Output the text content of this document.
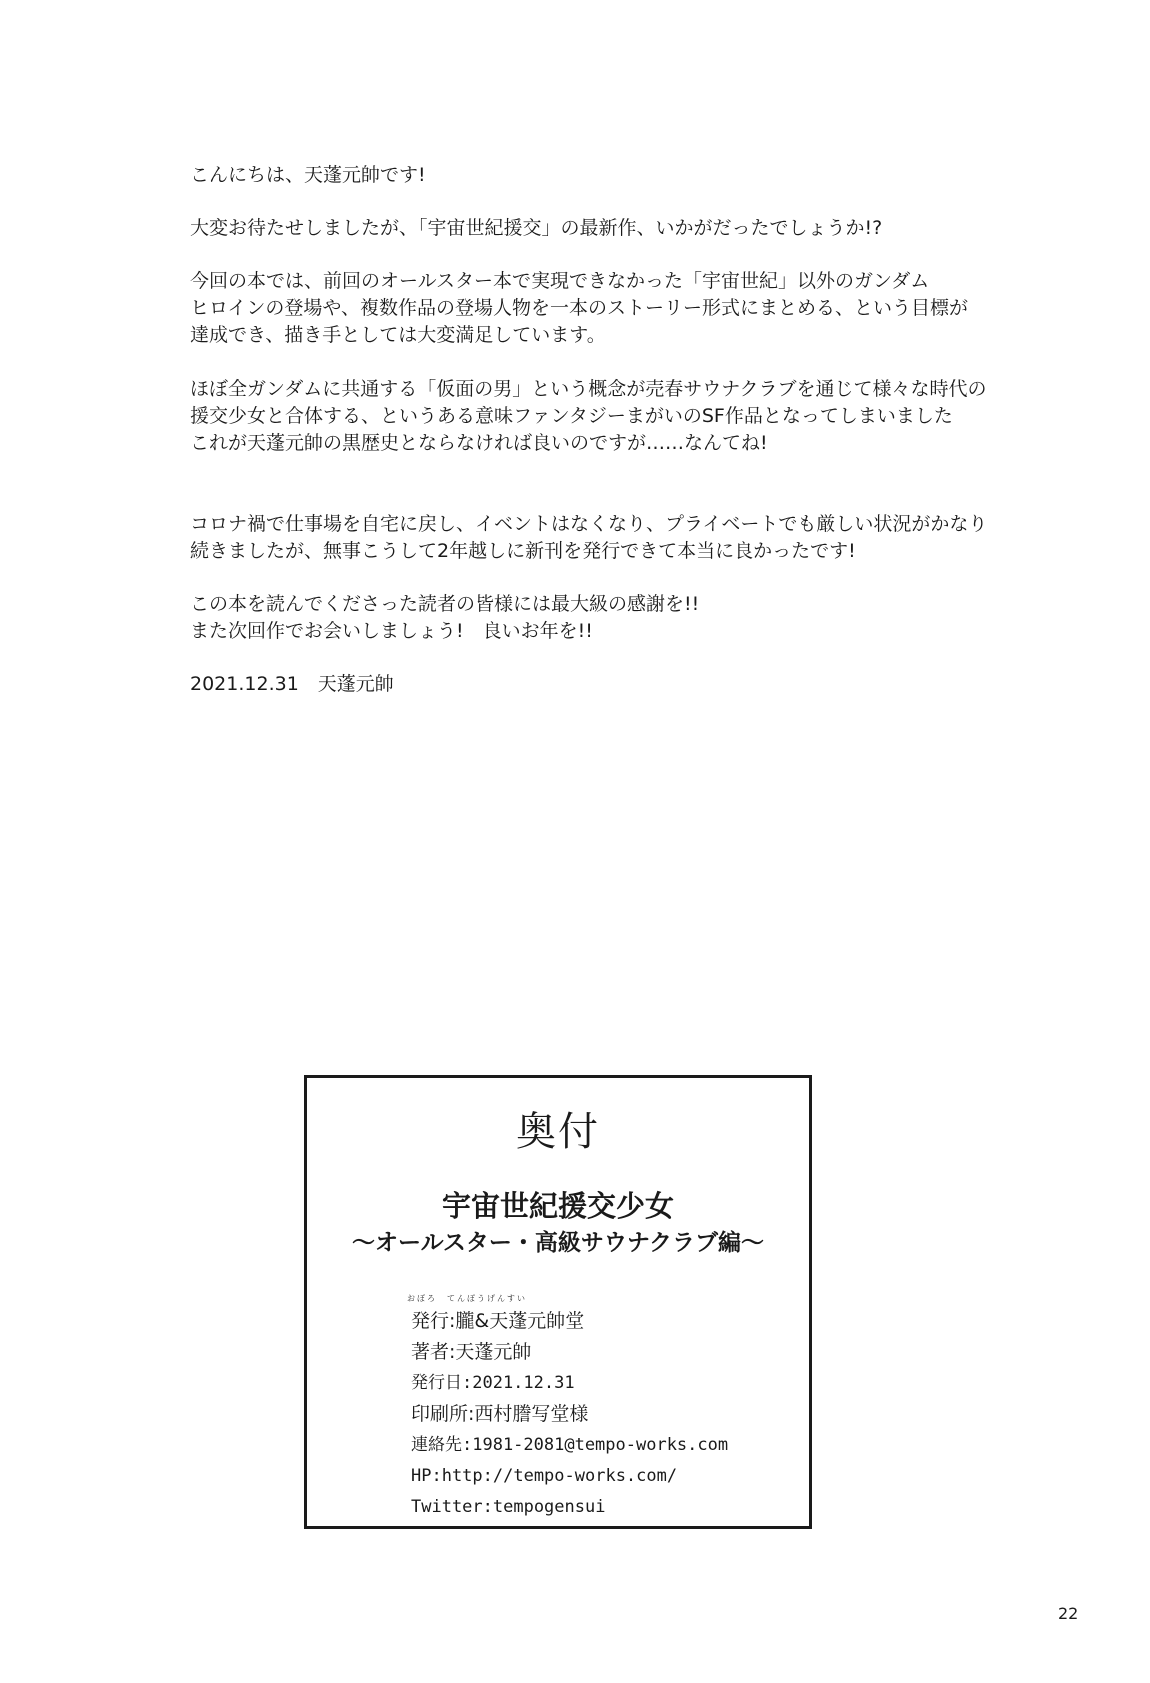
こんにちは、天蓬元帥です!

大変お待たせしましたが、「宇宙世紀援交」の最新作、いかがだったでしょうか!?

今回の本では、前回のオールスター本で実現できなかった「宇宙世紀」以外のガンダム

ヒロインの登場や、複数作品の登場人物を一本のストーリー形式にまとめる、という目標が

達成でき、描き手としては大変満足しています。

ほぼ全ガンダムに共通する「仮面の男」という概念が売春サウナクラブを通じて様々な時代の

援交少女と合体する、というある意味ファンタジーまがいのSF作品となってしまいました

これが天蓬元帥の黒歴史とならなければ良いのですが……なんてね!

コロナ禍で仕事場を自宅に戻し、イベントはなくなり、プライベートでも厳しい状況がかなり

続きましたが、無事こうして2年越しに新刊を発行できて本当に良かったです!

この本を読んでくださった読者の皆様には最大級の感謝を!!

また次回作でお会いしましょう!　良いお年を!!

2021.12.31　天蓬元帥

奥付
宇宙世紀援交少女
〜オールスター・高級サウナクラブ編〜
おぼろ　てんぽうげんすい
発行:朧&天蓬元帥堂
著者:天蓬元帥
発行日:2021.12.31
印刷所:西村謄写堂様
連絡先:1981-2081@tempo-works.com
HP:http://tempo-works.com/
Twitter:tempogensui
22
